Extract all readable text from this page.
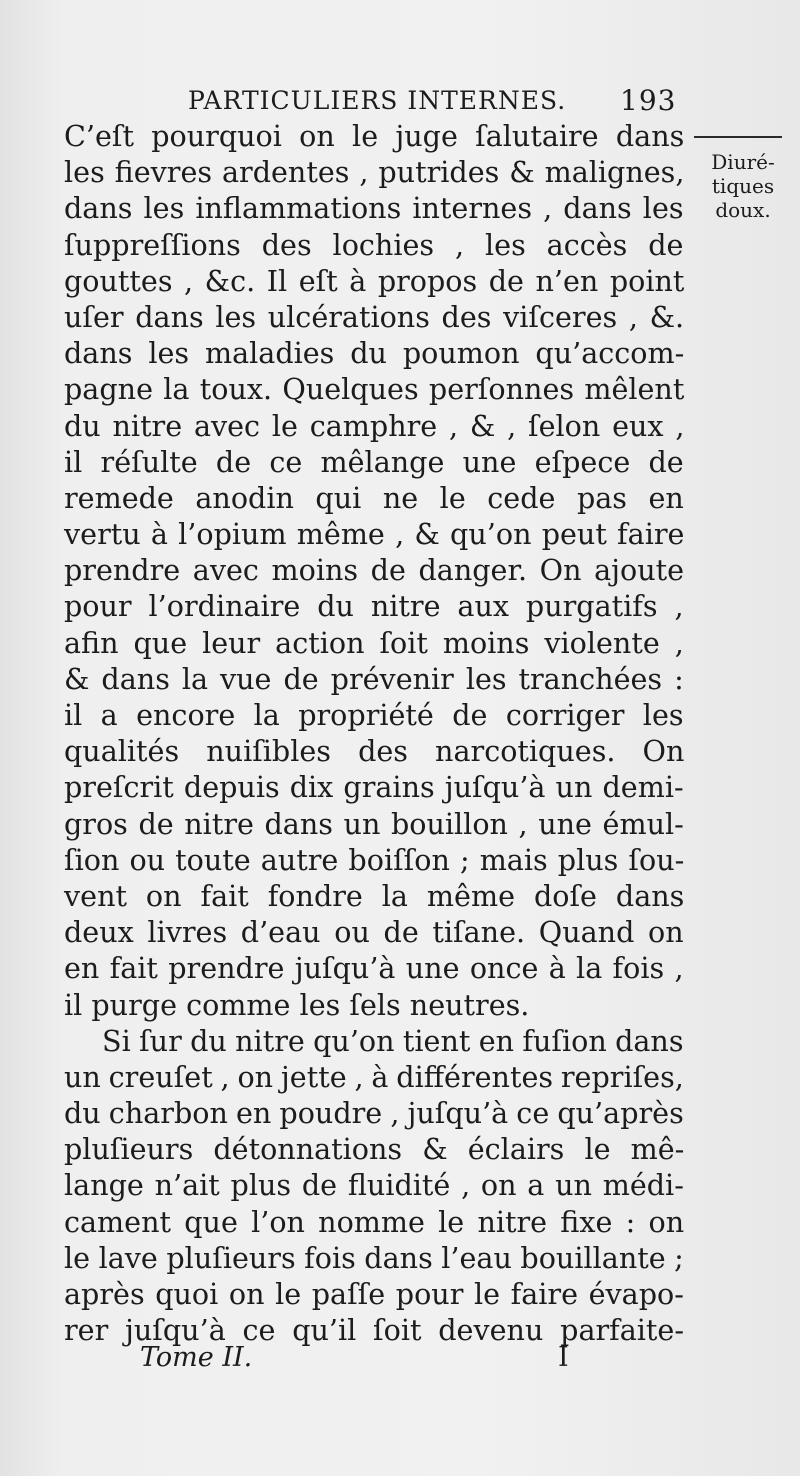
PARTICULIERS INTERNES. 193
Diuré-
tiques
doux.
C’eſt pourquoi on le juge ſalutaire dans
les fievres ardentes , putrides & malignes,
dans les inflammations internes , dans les
ſuppreſſions des lochies , les accès de
gouttes , &c. Il eſt à propos de n’en point
uſer dans les ulcérations des viſceres , &.
dans les maladies du poumon qu’accom-
pagne la toux. Quelques perſonnes mêlent
du nitre avec le camphre , & , ſelon eux ,
il réſulte de ce mêlange une eſpece de
remede anodin qui ne le cede pas en
vertu à l’opium même , & qu’on peut faire
prendre avec moins de danger. On ajoute
pour l’ordinaire du nitre aux purgatifs ,
afin que leur action ſoit moins violente ,
& dans la vue de prévenir les tranchées :
il a encore la propriété de corriger les
qualités nuiſibles des narcotiques. On
preſcrit depuis dix grains juſqu’à un demi-
gros de nitre dans un bouillon , une émul-
ſion ou toute autre boiſſon ; mais plus ſou-
vent on fait fondre la même doſe dans
deux livres d’eau ou de tiſane. Quand on
en fait prendre juſqu’à une once à la fois ,
il purge comme les ſels neutres.
Si ſur du nitre qu’on tient en fuſion dans
un creuſet , on jette , à différentes repriſes,
du charbon en poudre , juſqu’à ce qu’après
pluſieurs détonnations & éclairs le mê-
lange n’ait plus de fluidité , on a un médi-
cament que l’on nomme le nitre fixe : on
le lave pluſieurs fois dans l’eau bouillante ;
après quoi on le paſſe pour le faire évapo-
rer juſqu’à ce qu’il ſoit devenu parfaite-
Tome II.	I
